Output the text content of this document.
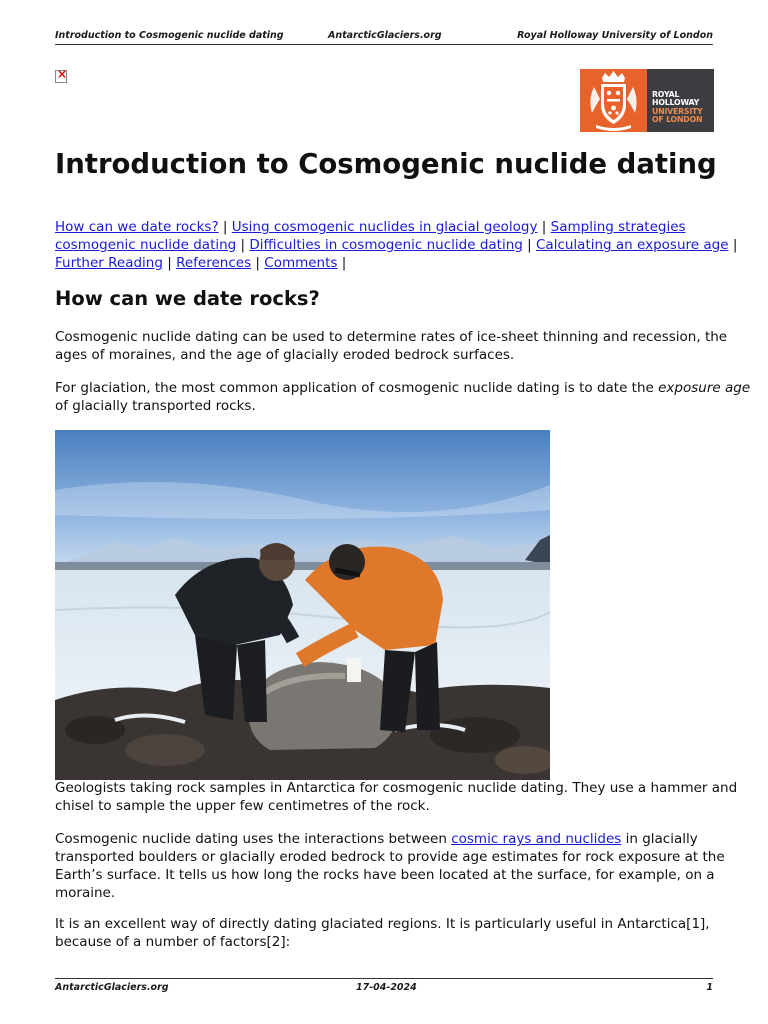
Introduction to Cosmogenic nuclide dating	AntarcticGlaciers.org	Royal Holloway University of London
×
ROYAL
HOLLOWAY
UNIVERSITY
OF LONDON
Introduction to Cosmogenic nuclide dating
How can we date rocks? | Using cosmogenic nuclides in glacial geology | Sampling strategies
cosmogenic nuclide dating | Difficulties in cosmogenic nuclide dating | Calculating an exposure age |
Further Reading | References | Comments |
How can we date rocks?

Cosmogenic nuclide dating can be used to determine rates of ice-sheet thinning and recession, the
ages of moraines, and the age of glacially eroded bedrock surfaces.

For glaciation, the most common application of cosmogenic nuclide dating is to date the exposure age
of glacially transported rocks.

Geologists taking rock samples in Antarctica for cosmogenic nuclide dating. They use a hammer and
chisel to sample the upper few centimetres of the rock.

Cosmogenic nuclide dating uses the interactions between cosmic rays and nuclides in glacially
transported boulders or glacially eroded bedrock to provide age estimates for rock exposure at the
Earth’s surface. It tells us how long the rocks have been located at the surface, for example, on a
moraine.

It is an excellent way of directly dating glaciated regions. It is particularly useful in Antarctica[1],
because of a number of factors[2]:

AntarcticGlaciers.org	17-04-2024	1
